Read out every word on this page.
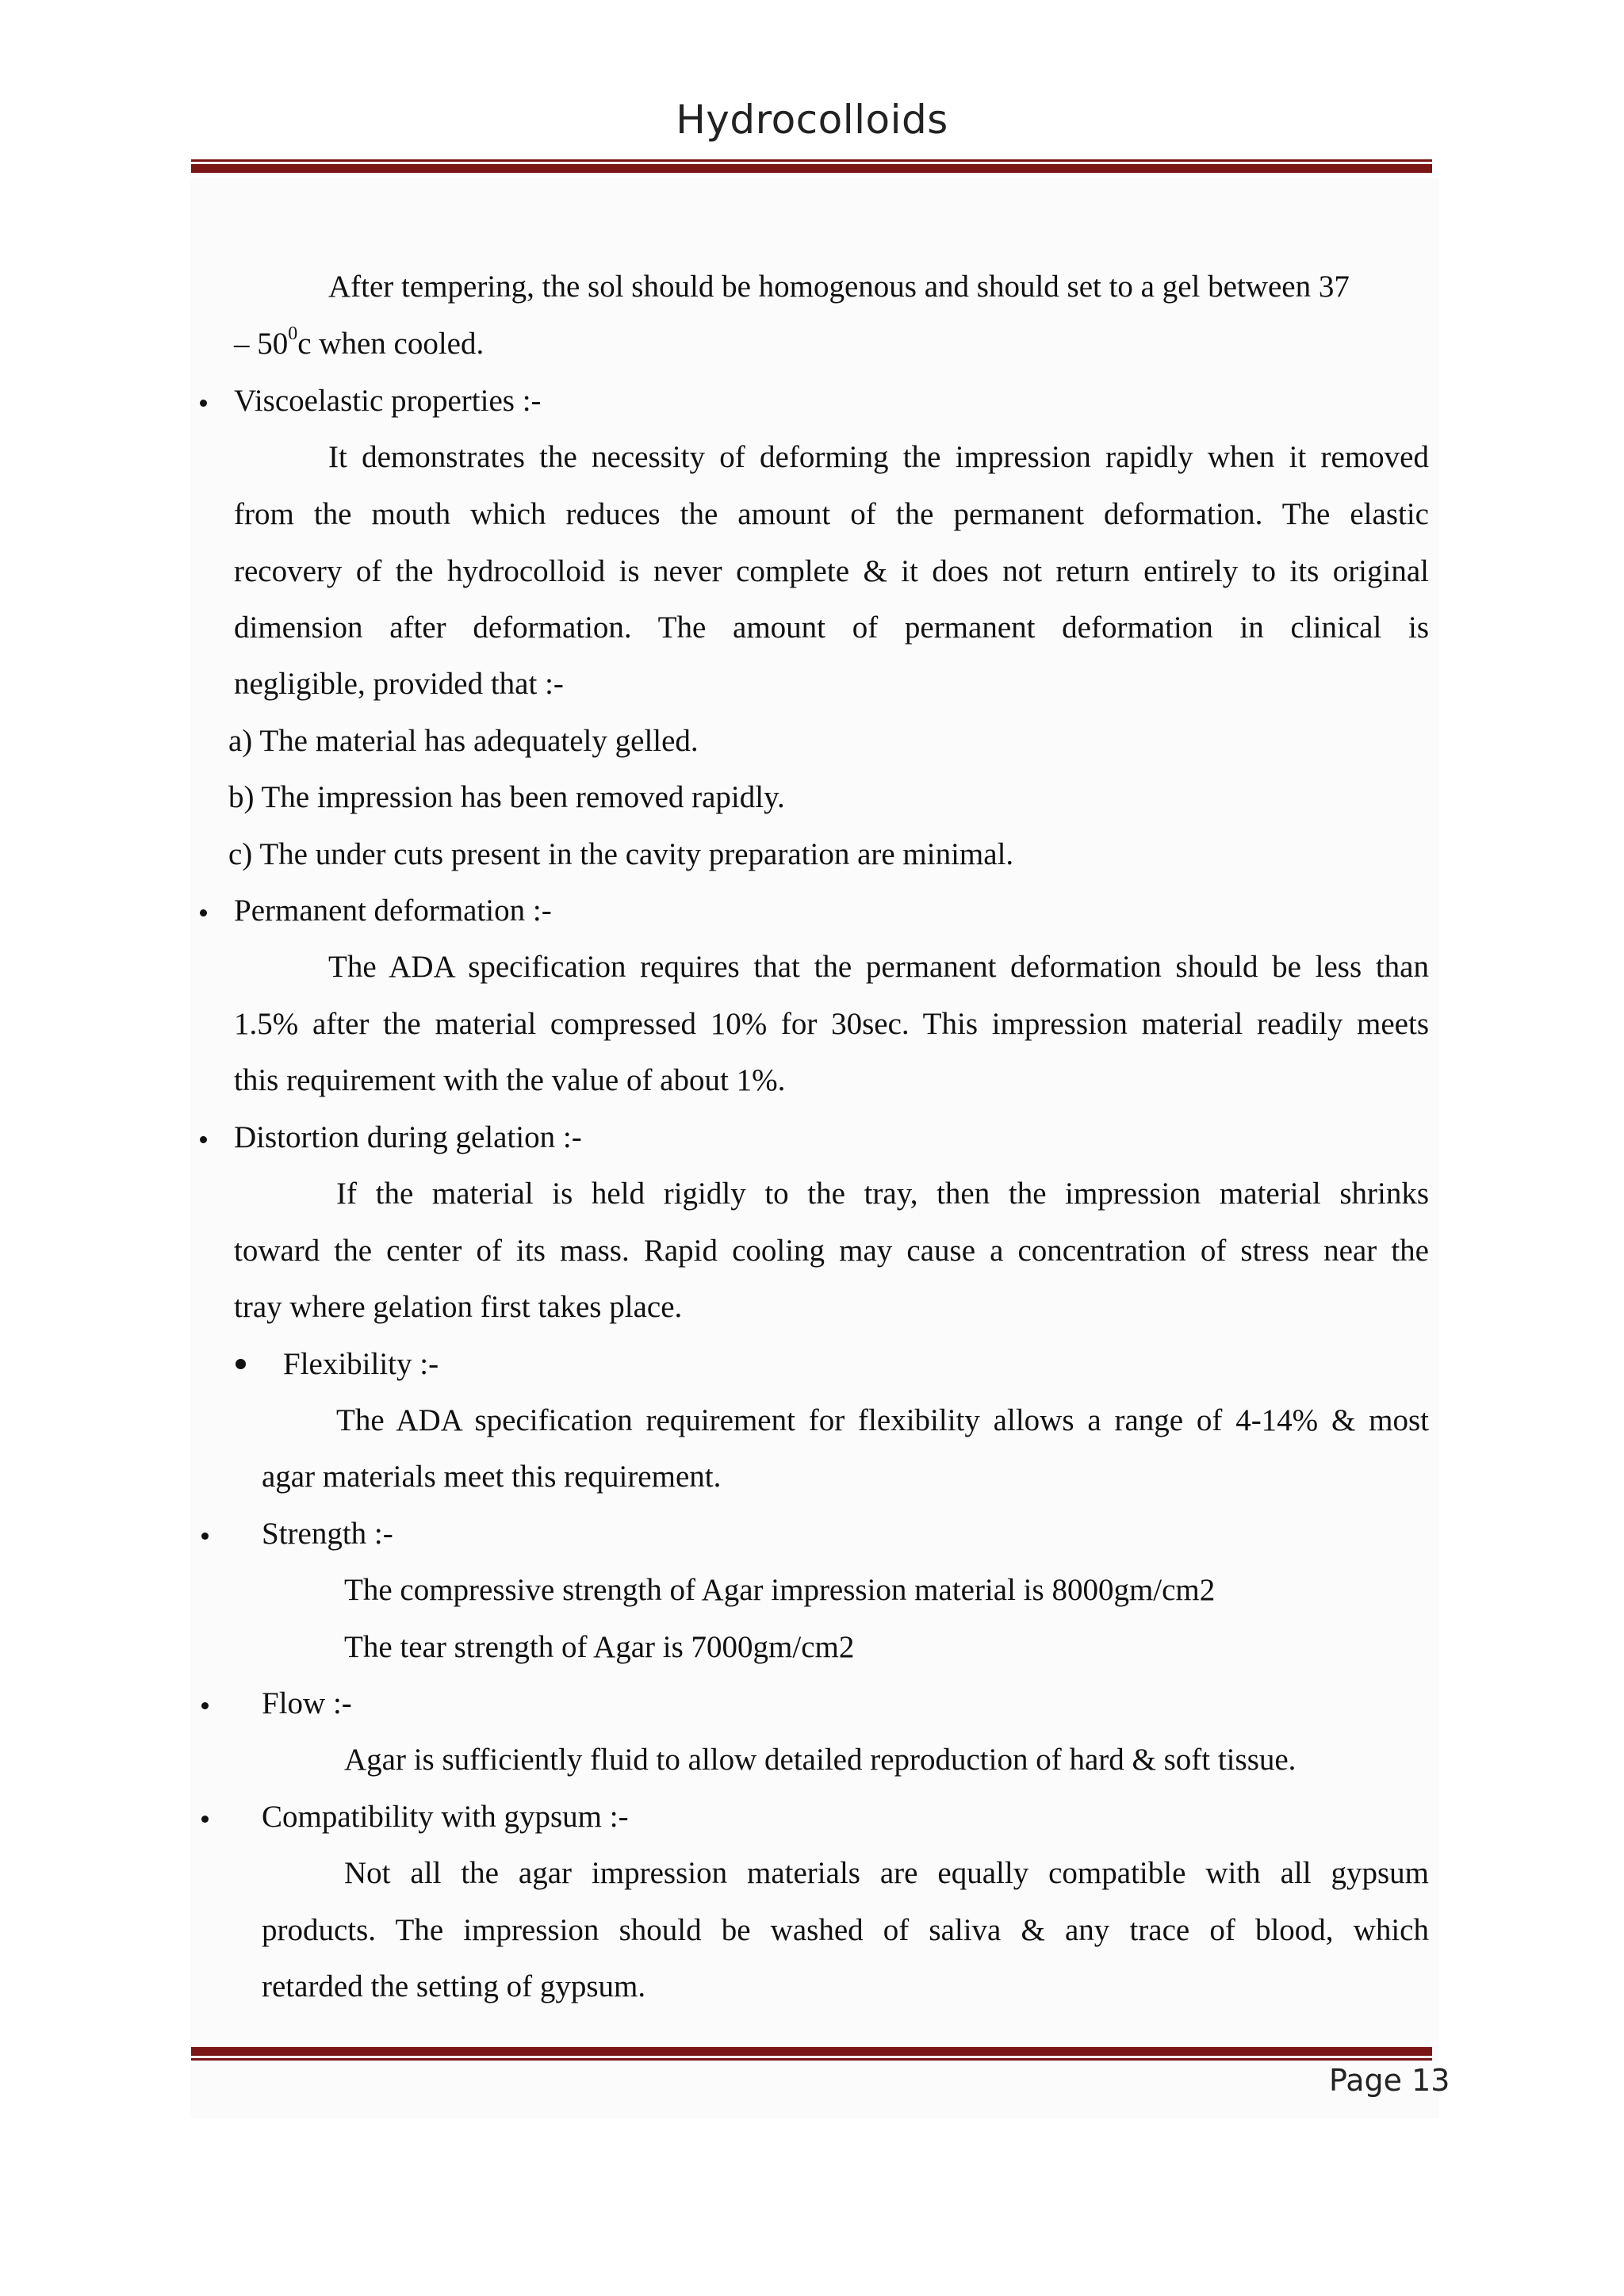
Hydrocolloids
After tempering, the sol should be homogenous and should set to a gel between 37
– $50^0c$ when cooled.
Viscoelastic properties :-
It demonstrates the necessity of deforming the impression rapidly when it removed
from the mouth which reduces the amount of the permanent deformation. The elastic
recovery of the hydrocolloid is never complete & it does not return entirely to its original
dimension after deformation. The amount of permanent deformation in clinical is
negligible, provided that :-
a) The material has adequately gelled.
b) The impression has been removed rapidly.
c) The under cuts present in the cavity preparation are minimal.
Permanent deformation :-
The ADA specification requires that the permanent deformation should be less than
1.5% after the material compressed 10% for 30sec. This impression material readily meets
this requirement with the value of about 1%.
Distortion during gelation :-
If the material is held rigidly to the tray, then the impression material shrinks
toward the center of its mass. Rapid cooling may cause a concentration of stress near the
tray where gelation first takes place.
Flexibility :-
The ADA specification requirement for flexibility allows a range of 4-14% & most
agar materials meet this requirement.
Strength :-
The compressive strength of Agar impression material is 8000gm/cm2
The tear strength of Agar is 7000gm/cm2
Flow :-
Agar is sufficiently fluid to allow detailed reproduction of hard & soft tissue.
Compatibility with gypsum :-
Not all the agar impression materials are equally compatible with all gypsum
products. The impression should be washed of saliva & any trace of blood, which
retarded the setting of gypsum.
Page 13
